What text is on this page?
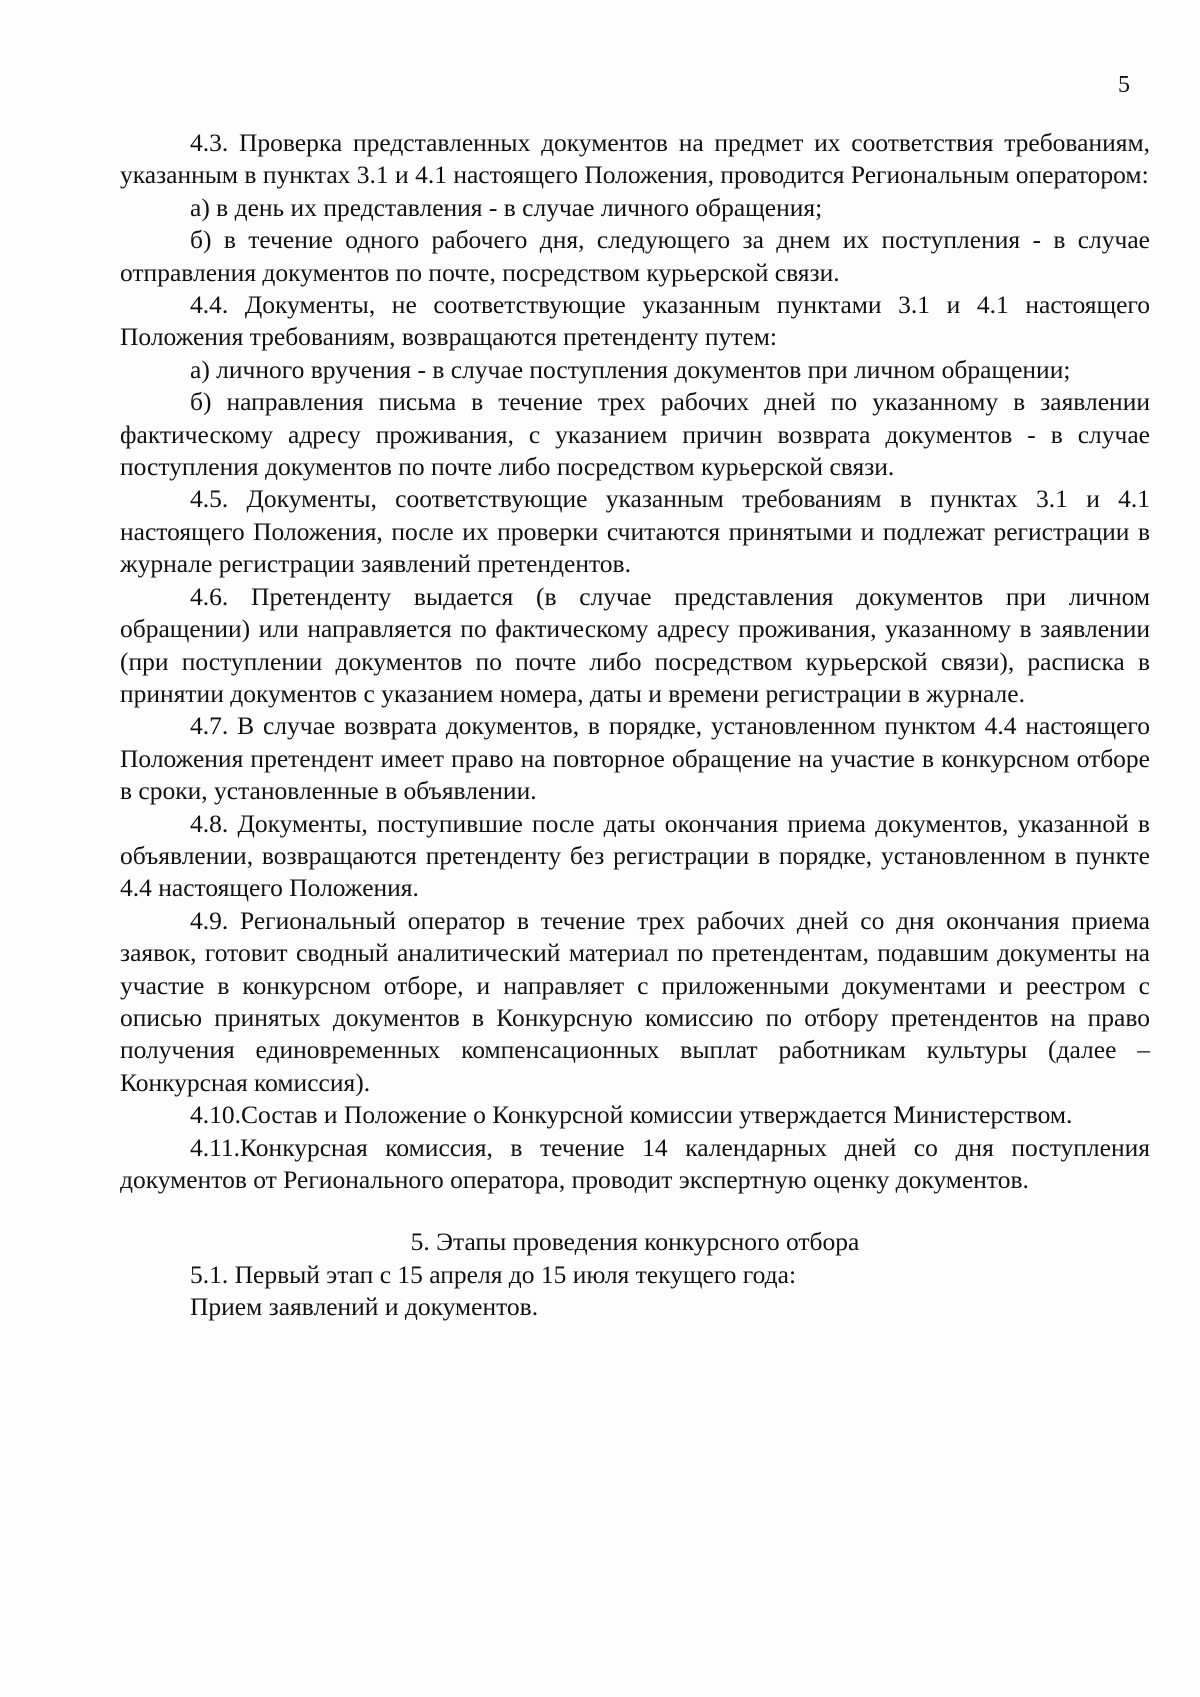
5

4.3. Проверка представленных документов на предмет их соответствия требованиям, указанным в пунктах 3.1 и 4.1 настоящего Положения, проводится Региональным оператором:

а) в день их представления - в случае личного обращения;

б) в течение одного рабочего дня, следующего за днем их поступления - в случае отправления документов по почте, посредством курьерской связи.

4.4. Документы, не соответствующие указанным пунктами 3.1 и 4.1 настоящего Положения требованиям, возвращаются претенденту путем:

а) личного вручения - в случае поступления документов при личном обращении;

б) направления письма в течение трех рабочих дней по указанному в заявлении фактическому адресу проживания, с указанием причин возврата документов - в случае поступления документов по почте либо посредством курьерской связи.

4.5. Документы, соответствующие указанным требованиям в пунктах 3.1 и 4.1 настоящего Положения, после их проверки считаются принятыми и подлежат регистрации в журнале регистрации заявлений претендентов.

4.6. Претенденту выдается (в случае представления документов при личном обращении) или направляется по фактическому адресу проживания, указанному в заявлении (при поступлении документов по почте либо посредством курьерской связи), расписка в принятии документов с указанием номера, даты и времени регистрации в журнале.

4.7. В случае возврата документов, в порядке, установленном пунктом 4.4 настоящего Положения претендент имеет право на повторное обращение на участие в конкурсном отборе в сроки, установленные в объявлении.

4.8. Документы, поступившие после даты окончания приема документов, указанной в объявлении, возвращаются претенденту без регистрации в порядке, установленном в пункте 4.4 настоящего Положения.

4.9. Региональный оператор в течение трех рабочих дней со дня окончания приема заявок, готовит сводный аналитический материал по претендентам, подавшим документы на участие в конкурсном отборе, и направляет с приложенными документами и реестром с описью принятых документов в Конкурсную комиссию по отбору претендентов на право получения единовременных компенсационных выплат работникам культуры (далее – Конкурсная комиссия).

4.10.Состав и Положение о Конкурсной комиссии утверждается Министерством.

4.11.Конкурсная комиссия, в течение 14 календарных дней со дня поступления документов от Регионального оператора, проводит экспертную оценку документов.

5. Этапы проведения конкурсного отбора

5.1. Первый этап с 15 апреля до 15 июля текущего года:

Прием заявлений и документов.
